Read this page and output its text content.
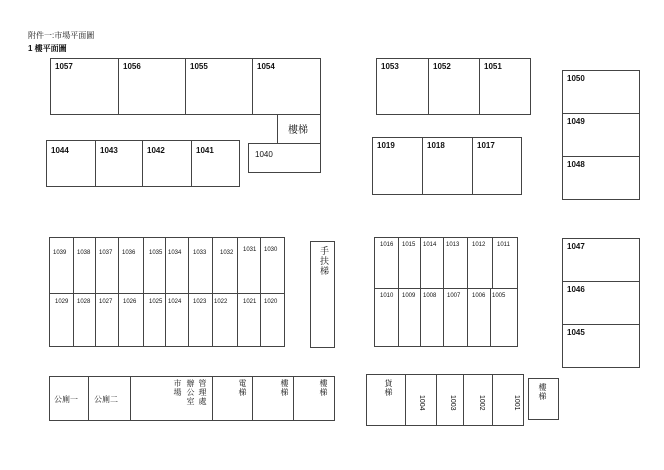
附件一:市場平面圖
1 樓平面圖
1057	1056	1055	1054
樓梯
1044	1043	1042	1041	1040
1053	1052	1051
1019	1018	1017
1050
1049
1048
1039 1038 1037 1036 1035 1034 1033 1032 1031 1030
1029 1028 1027 1026 1025 1024 1023 1022	1021 1020
手扶梯
1016 1015 1014 1013 1012 1011
1010 1009 1008 1007 1006 1005
1047
1046
1045
公廁一 公廁二	管理處
辦公室
市場	電梯	樓梯	樓梯	貨梯
1004	1003	1002	1001
樓梯
